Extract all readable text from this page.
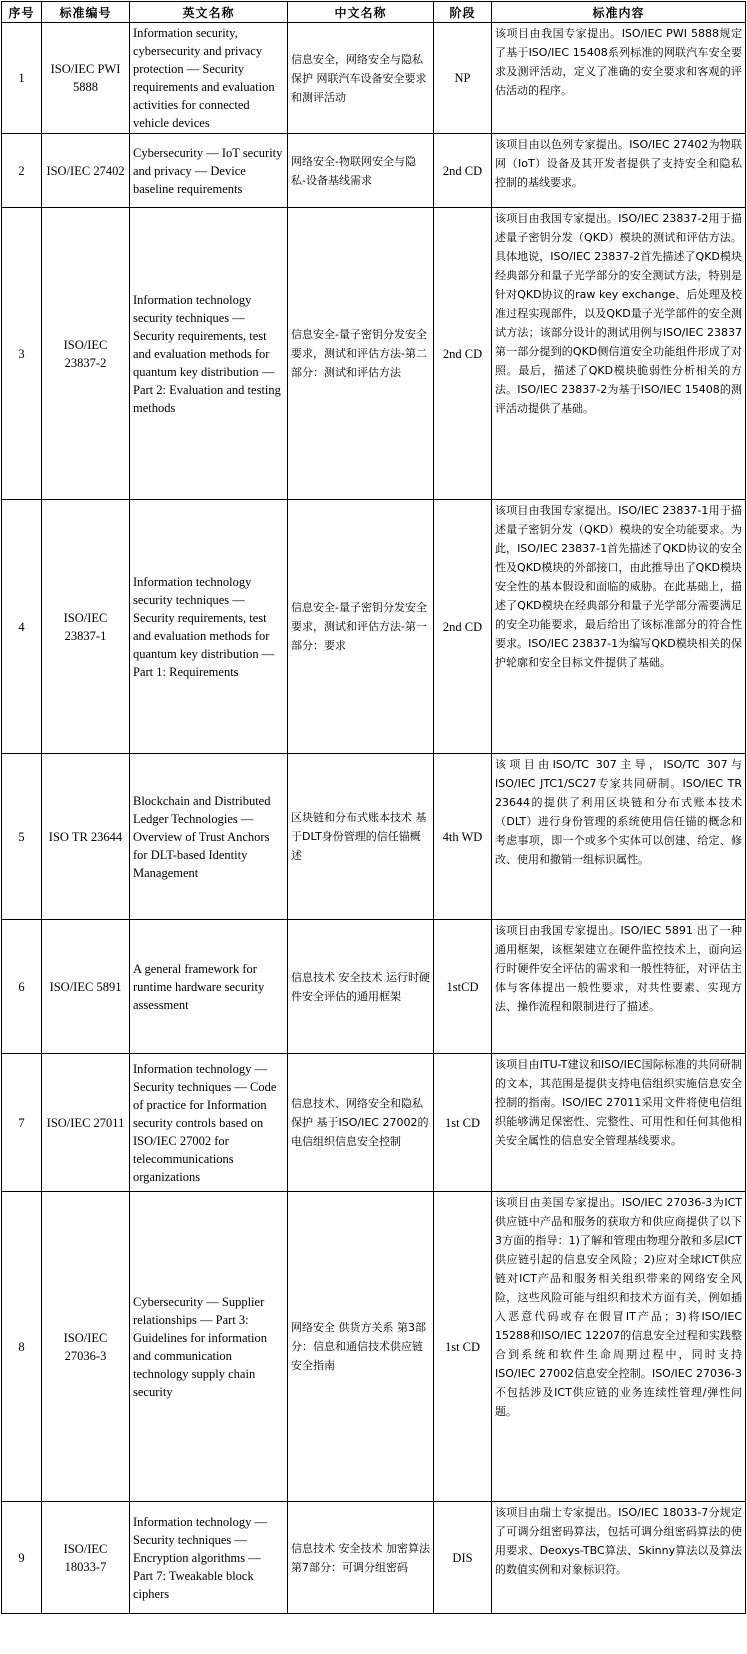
序号	标准编号	英文名称	中文名称	阶段	标准内容
1	ISO/IEC PWI 5888	Information security, cybersecurity and privacy protection — Security requirements and evaluation activities for connected vehicle devices	信息安全，网络安全与隐私保护 网联汽车设备安全要求和测评活动	NP	该项目由我国专家提出。ISO/IEC PWI 5888规定了基于ISO/IEC 15408系列标准的网联汽车安全要求及测评活动，定义了准确的安全要求和客观的评估活动的程序。
2	ISO/IEC 27402	Cybersecurity — IoT security and privacy — Device baseline requirements	网络安全-物联网安全与隐私-设备基线需求	2nd CD	该项目由以色列专家提出。ISO/IEC 27402为物联网（IoT）设备及其开发者提供了支持安全和隐私控制的基线要求。
3	ISO/IEC 23837-2	Information technology security techniques — Security requirements, test and evaluation methods for quantum key distribution — Part 2: Evaluation and testing methods	信息安全-量子密钥分发安全要求，测试和评估方法-第二部分：测试和评估方法	2nd CD	该项目由我国专家提出。ISO/IEC 23837-2用于描述量子密钥分发（QKD）模块的测试和评估方法。具体地说，ISO/IEC 23837-2首先描述了QKD模块经典部分和量子光学部分的安全测试方法，特别是针对QKD协议的raw key exchange、后处理及校准过程实现部件，以及QKD量子光学部件的安全测试方法；该部分设计的测试用例与ISO/IEC 23837第一部分提到的QKD侧信道安全功能组件形成了对照。最后，描述了QKD模块脆弱性分析相关的方法。ISO/IEC 23837-2为基于ISO/IEC 15408的测评活动提供了基础。
4	ISO/IEC 23837-1	Information technology security techniques — Security requirements, test and evaluation methods for quantum key distribution — Part 1: Requirements	信息安全-量子密钥分发安全要求，测试和评估方法-第一部分：要求	2nd CD	该项目由我国专家提出。ISO/IEC 23837-1用于描述量子密钥分发（QKD）模块的安全功能要求。为此，ISO/IEC 23837-1首先描述了QKD协议的安全性及QKD模块的外部接口，由此推导出了QKD模块安全性的基本假设和面临的威胁。在此基础上，描述了QKD模块在经典部分和量子光学部分需要满足的安全功能要求，最后给出了该标准部分的符合性要求。ISO/IEC 23837-1为编写QKD模块相关的保护轮廓和安全目标文件提供了基础。
5	ISO TR 23644	Blockchain and Distributed Ledger Technologies — Overview of Trust Anchors for DLT-based Identity Management	区块链和分布式账本技术 基于DLT身份管理的信任锚概述	4th WD	该项目由ISO/TC 307主导，ISO/TC 307与ISO/IEC JTC1/SC27专家共同研制。ISO/IEC TR 23644的提供了利用区块链和分布式账本技术（DLT）进行身份管理的系统使用信任锚的概念和考虑事项，即一个或多个实体可以创建、给定、修改、使用和撤销一组标识属性。
6	ISO/IEC 5891	A general framework for runtime hardware security assessment	信息技术 安全技术 运行时硬件安全评估的通用框架	1stCD	该项目由我国专家提出。ISO/IEC 5891 出了一种通用框架，该框架建立在硬件监控技术上，面向运行时硬件安全评估的需求和一般性特征，对评估主体与客体提出一般性要求，对共性要素、实现方法、操作流程和限制进行了描述。
7	ISO/IEC 27011	Information technology — Security techniques — Code of practice for Information security controls based on ISO/IEC 27002 for telecommunications organizations	信息技术、网络安全和隐私保护 基于ISO/IEC 27002的电信组织信息安全控制	1st CD	该项目由ITU-T建议和ISO/IEC国际标准的共同研制的文本，其范围是提供支持电信组织实施信息安全控制的指南。ISO/IEC 27011采用文件将使电信组织能够满足保密性、完整性、可用性和任何其他相关安全属性的信息安全管理基线要求。
8	ISO/IEC 27036-3	Cybersecurity — Supplier relationships — Part 3: Guidelines for information and communication technology supply chain security	网络安全 供货方关系 第3部分：信息和通信技术供应链安全指南	1st CD	该项目由美国专家提出。ISO/IEC 27036-3为ICT供应链中产品和服务的获取方和供应商提供了以下3方面的指导：1)了解和管理由物理分散和多层ICT供应链引起的信息安全风险；2)应对全球ICT供应链对ICT产品和服务相关组织带来的网络安全风险，这些风险可能与组织和技术方面有关，例如插入恶意代码或存在假冒IT产品；3)将ISO/IEC 15288和ISO/IEC 12207的信息安全过程和实践整合到系统和软件生命周期过程中，同时支持ISO/IEC 27002信息安全控制。ISO/IEC 27036-3不包括涉及ICT供应链的业务连续性管理/弹性问题。
9	ISO/IEC 18033-7	Information technology — Security techniques — Encryption algorithms — Part 7: Tweakable block ciphers	信息技术 安全技术 加密算法 第7部分：可调分组密码	DIS	该项目由瑞士专家提出。ISO/IEC 18033-7分规定了可调分组密码算法，包括可调分组密码算法的使用要求、Deoxys-TBC算法、Skinny算法以及算法的数值实例和对象标识符。
